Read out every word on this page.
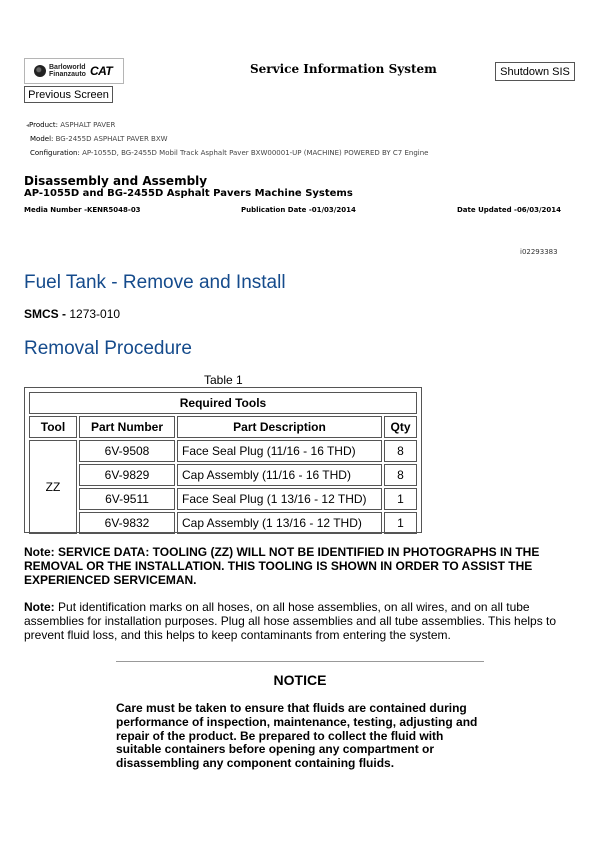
Barloworld
Finanzauto CAT	Service Information System	Shutdown SIS
Previous Screen
◂Product: ASPHALT PAVER
Model: BG-2455D ASPHALT PAVER BXW
Configuration: AP-1055D, BG-2455D Mobil Track Asphalt Paver BXW00001-UP (MACHINE) POWERED BY C7 Engine
Disassembly and Assembly
AP-1055D and BG-2455D Asphalt Pavers Machine Systems
Media Number -KENR5048-03	Publication Date -01/03/2014	Date Updated -06/03/2014
i02293383
Fuel Tank - Remove and Install
SMCS - 1273-010
Removal Procedure
Table 1
Required Tools			
Tool	Part Number	Part Description	Qty
ZZ	6V-9508	Face Seal Plug (11/16 - 16 THD)	8
	6V-9829	Cap Assembly (11/16 - 16 THD)	8
	6V-9511	Face Seal Plug (1 13/16 - 12 THD)	1
	6V-9832	Cap Assembly (1 13/16 - 12 THD)	1
Note: SERVICE DATA: TOOLING (ZZ) WILL NOT BE IDENTIFIED IN PHOTOGRAPHS IN THE REMOVAL OR THE INSTALLATION. THIS TOOLING IS SHOWN IN ORDER TO ASSIST THE EXPERIENCED SERVICEMAN.
Note: Put identification marks on all hoses, on all hose assemblies, on all wires, and on all tube assemblies for installation purposes. Plug all hose assemblies and all tube assemblies. This helps to prevent fluid loss, and this helps to keep contaminants from entering the system.
NOTICE
Care must be taken to ensure that fluids are contained during performance of inspection, maintenance, testing, adjusting and repair of the product. Be prepared to collect the fluid with suitable containers before opening any compartment or disassembling any component containing fluids.
